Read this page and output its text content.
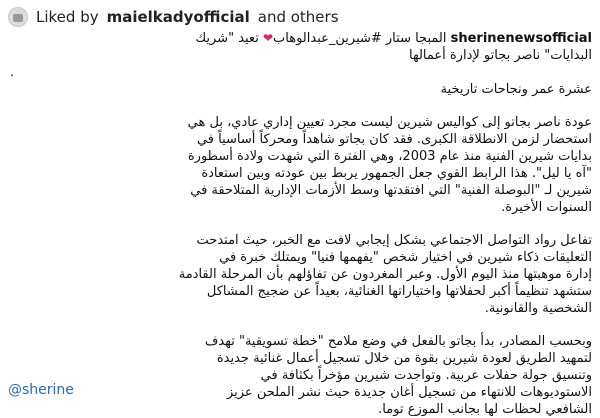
Liked by maielkadyofficial and others
sherinenewsofficial المبجا ستار #شيرين_عبدالوهاب❤ تعيد "شريك
البدايات" ناصر بجاتو لإدارة أعمالها
.
عشرة عمر ونجاحات تاريخية
عودة ناصر بجاتو إلى كواليس شيرين ليست مجرد تعيين إداري عادي، بل هي
استحضار لزمن الانطلاقة الكبرى. فقد كان بجاتو شاهداً ومحركاً أساسياً في
بدايات شيرين الفنية منذ عام 2003، وهي الفترة التي شهدت ولادة أسطورة
"آه يا ليل". هذا الرابط القوي جعل الجمهور يربط بين عودته وبين استعادة
شيرين لـ "البوصلة الفنية" التي افتقدتها وسط الأزمات الإدارية المتلاحقة في
السنوات الأخيرة.
تفاعل رواد التواصل الاجتماعي بشكل إيجابي لافت مع الخبر، حيث امتدحت
التعليقات ذكاء شيرين في اختيار شخص "يفهمها فنيا" ويمتلك خبرة في
إدارة موهبتها منذ اليوم الأول. وعبر المغردون عن تفاؤلهم بأن المرحلة القادمة
ستشهد تنظيماً أكبر لحفلاتها واختياراتها الغنائية، بعيداً عن ضجيج المشاكل
الشخصية والقانونية.
وبحسب المصادر، بدأ بجاتو بالفعل في وضع ملامح "خطة تسويقية" تهدف
لتمهيد الطريق لعودة شيرين بقوة من خلال تسجيل أعمال غنائية جديدة
وتنسيق جولة حفلات عربية. وتواجدت شيرين مؤخراً بكثافة في
الاستوديوهات للانتهاء من تسجيل أغان جديدة حيث نشر الملحن عزيز
الشافعي لحظات لها بجانب الموزع توما.
@sherine
